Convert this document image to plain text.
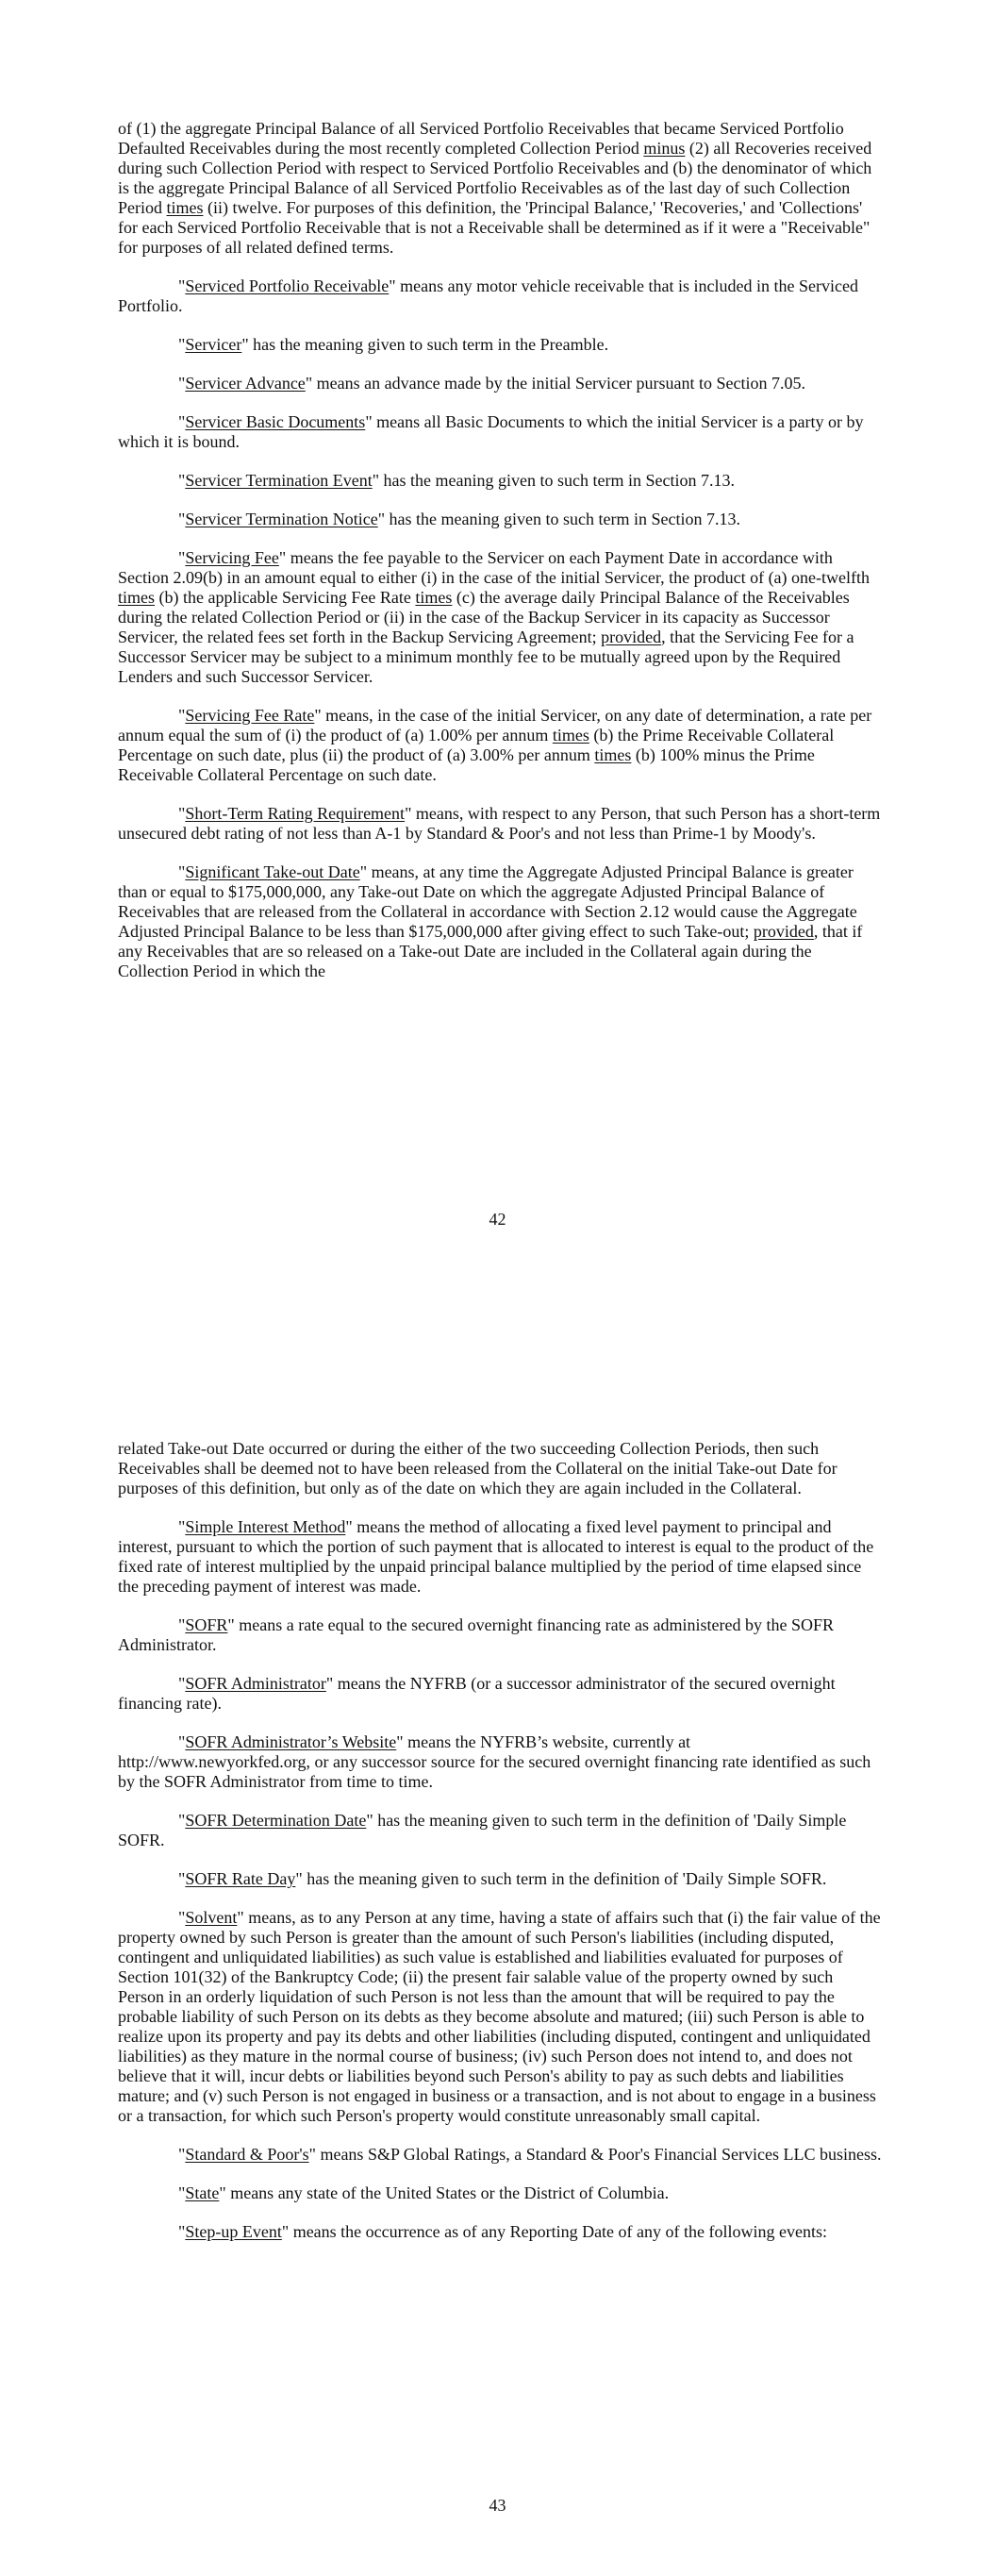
of (1) the aggregate Principal Balance of all Serviced Portfolio Receivables that became Serviced Portfolio Defaulted Receivables during the most recently completed Collection Period minus (2) all Recoveries received during such Collection Period with respect to Serviced Portfolio Receivables and (b) the denominator of which is the aggregate Principal Balance of all Serviced Portfolio Receivables as of the last day of such Collection Period times (ii) twelve. For purposes of this definition, the 'Principal Balance,' 'Recoveries,' and 'Collections' for each Serviced Portfolio Receivable that is not a Receivable shall be determined as if it were a "Receivable" for purposes of all related defined terms.

"Serviced Portfolio Receivable" means any motor vehicle receivable that is included in the Serviced Portfolio.

"Servicer" has the meaning given to such term in the Preamble.

"Servicer Advance" means an advance made by the initial Servicer pursuant to Section 7.05.

"Servicer Basic Documents" means all Basic Documents to which the initial Servicer is a party or by which it is bound.

"Servicer Termination Event" has the meaning given to such term in Section 7.13.

"Servicer Termination Notice" has the meaning given to such term in Section 7.13.

"Servicing Fee" means the fee payable to the Servicer on each Payment Date in accordance with Section 2.09(b) in an amount equal to either (i) in the case of the initial Servicer, the product of (a) one-twelfth times (b) the applicable Servicing Fee Rate times (c) the average daily Principal Balance of the Receivables during the related Collection Period or (ii) in the case of the Backup Servicer in its capacity as Successor Servicer, the related fees set forth in the Backup Servicing Agreement; provided, that the Servicing Fee for a Successor Servicer may be subject to a minimum monthly fee to be mutually agreed upon by the Required Lenders and such Successor Servicer.

"Servicing Fee Rate" means, in the case of the initial Servicer, on any date of determination, a rate per annum equal the sum of (i) the product of (a) 1.00% per annum times (b) the Prime Receivable Collateral Percentage on such date, plus (ii) the product of (a) 3.00% per annum times (b) 100% minus the Prime Receivable Collateral Percentage on such date.

"Short-Term Rating Requirement" means, with respect to any Person, that such Person has a short-term unsecured debt rating of not less than A-1 by Standard & Poor's and not less than Prime-1 by Moody's.

"Significant Take-out Date" means, at any time the Aggregate Adjusted Principal Balance is greater than or equal to $175,000,000, any Take-out Date on which the aggregate Adjusted Principal Balance of Receivables that are released from the Collateral in accordance with Section 2.12 would cause the Aggregate Adjusted Principal Balance to be less than $175,000,000 after giving effect to such Take-out; provided, that if any Receivables that are so released on a Take-out Date are included in the Collateral again during the Collection Period in which the

42

related Take-out Date occurred or during the either of the two succeeding Collection Periods, then such Receivables shall be deemed not to have been released from the Collateral on the initial Take-out Date for purposes of this definition, but only as of the date on which they are again included in the Collateral.

"Simple Interest Method" means the method of allocating a fixed level payment to principal and interest, pursuant to which the portion of such payment that is allocated to interest is equal to the product of the fixed rate of interest multiplied by the unpaid principal balance multiplied by the period of time elapsed since the preceding payment of interest was made.

"SOFR" means a rate equal to the secured overnight financing rate as administered by the SOFR Administrator.

"SOFR Administrator" means the NYFRB (or a successor administrator of the secured overnight financing rate).

"SOFR Administrator’s Website" means the NYFRB’s website, currently at http://www.newyorkfed.org, or any successor source for the secured overnight financing rate identified as such by the SOFR Administrator from time to time.

"SOFR Determination Date" has the meaning given to such term in the definition of 'Daily Simple SOFR.

"SOFR Rate Day" has the meaning given to such term in the definition of 'Daily Simple SOFR.

"Solvent" means, as to any Person at any time, having a state of affairs such that (i) the fair value of the property owned by such Person is greater than the amount of such Person's liabilities (including disputed, contingent and unliquidated liabilities) as such value is established and liabilities evaluated for purposes of Section 101(32) of the Bankruptcy Code; (ii) the present fair salable value of the property owned by such Person in an orderly liquidation of such Person is not less than the amount that will be required to pay the probable liability of such Person on its debts as they become absolute and matured; (iii) such Person is able to realize upon its property and pay its debts and other liabilities (including disputed, contingent and unliquidated liabilities) as they mature in the normal course of business; (iv) such Person does not intend to, and does not believe that it will, incur debts or liabilities beyond such Person's ability to pay as such debts and liabilities mature; and (v) such Person is not engaged in business or a transaction, and is not about to engage in a business or a transaction, for which such Person's property would constitute unreasonably small capital.

"Standard & Poor's" means S&P Global Ratings, a Standard & Poor's Financial Services LLC business.

"State" means any state of the United States or the District of Columbia.

"Step-up Event" means the occurrence as of any Reporting Date of any of the following events:

43
